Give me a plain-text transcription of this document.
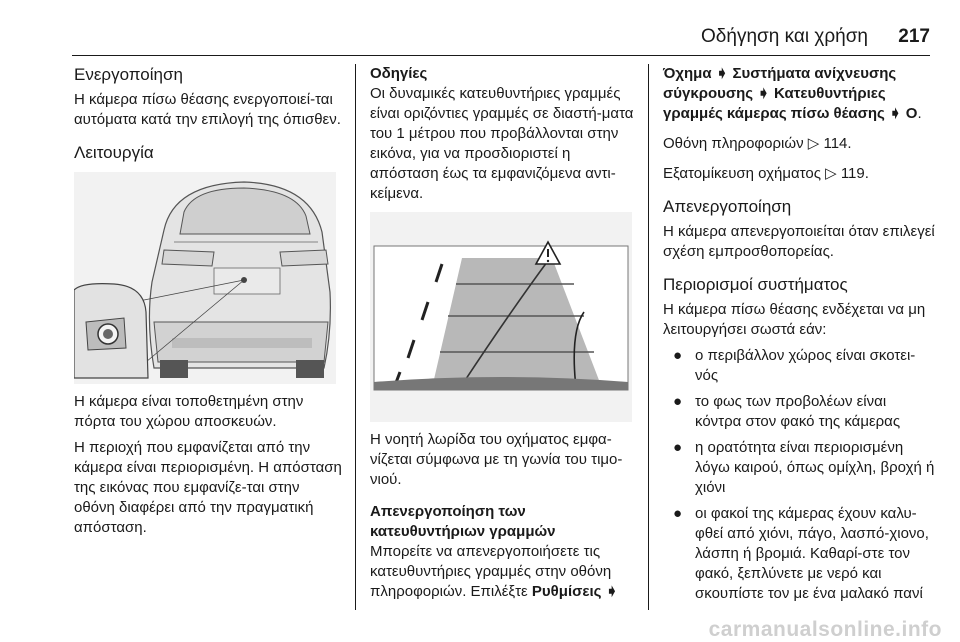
Οδήγηση και χρήση 217
Ενεργοποίηση

Η κάμερα πίσω θέασης ενεργοποιεί-ται αυτόματα κατά την επιλογή της όπισθεν.

Λειτουργία

Η κάμερα είναι τοποθετημένη στην πόρτα του χώρου αποσκευών.

Η περιοχή που εμφανίζεται από την κάμερα είναι περιορισμένη. Η απόσταση της εικόνας που εμφανίζε-ται στην οθόνη διαφέρει από την πραγματική απόσταση.

Οδηγίες

Οι δυναμικές κατευθυντήριες γραμμές είναι οριζόντιες γραμμές σε διαστή-ματα του 1 μέτρου που προβάλλονται στην εικόνα, για να προσδιοριστεί η απόσταση έως τα εμφανιζόμενα αντι-κείμενα.

Η νοητή λωρίδα του οχήματος εμφα-νίζεται σύμφωνα με τη γωνία του τιμο-νιού.

Απενεργοποίηση των κατευθυντήριων γραμμών

Μπορείτε να απενεργοποιήσετε τις κατευθυντήριες γραμμές στην οθόνη πληροφοριών. Επιλέξτε Ρυθμίσεις ➧

Όχημα ➧ Συστήματα ανίχνευσης σύγκρουσης ➧ Κατευθυντήριες γραμμές κάμερας πίσω θέασης ➧ Ο.

Οθόνη πληροφοριών ▷ 114.

Εξατομίκευση οχήματος ▷ 119.

Απενεργοποίηση

Η κάμερα απενεργοποιείται όταν επιλεγεί σχέση εμπροσθοπορείας.

Περιορισμοί συστήματος

Η κάμερα πίσω θέασης ενδέχεται να μη λειτουργήσει σωστά εάν:

● ο περιβάλλον χώρος είναι σκοτει-νός
● το φως των προβολέων είναι κόντρα στον φακό της κάμερας
● η ορατότητα είναι περιορισμένη λόγω καιρού, όπως ομίχλη, βροχή ή χιόνι
● οι φακοί της κάμερας έχουν καλυ-φθεί από χιόνι, πάγο, λασπό-χιονο, λάσπη ή βρομιά. Καθαρί-στε τον φακό, ξεπλύνετε με νερό και σκουπίστε τον με ένα μαλακό πανί
carmanualsonline.info
